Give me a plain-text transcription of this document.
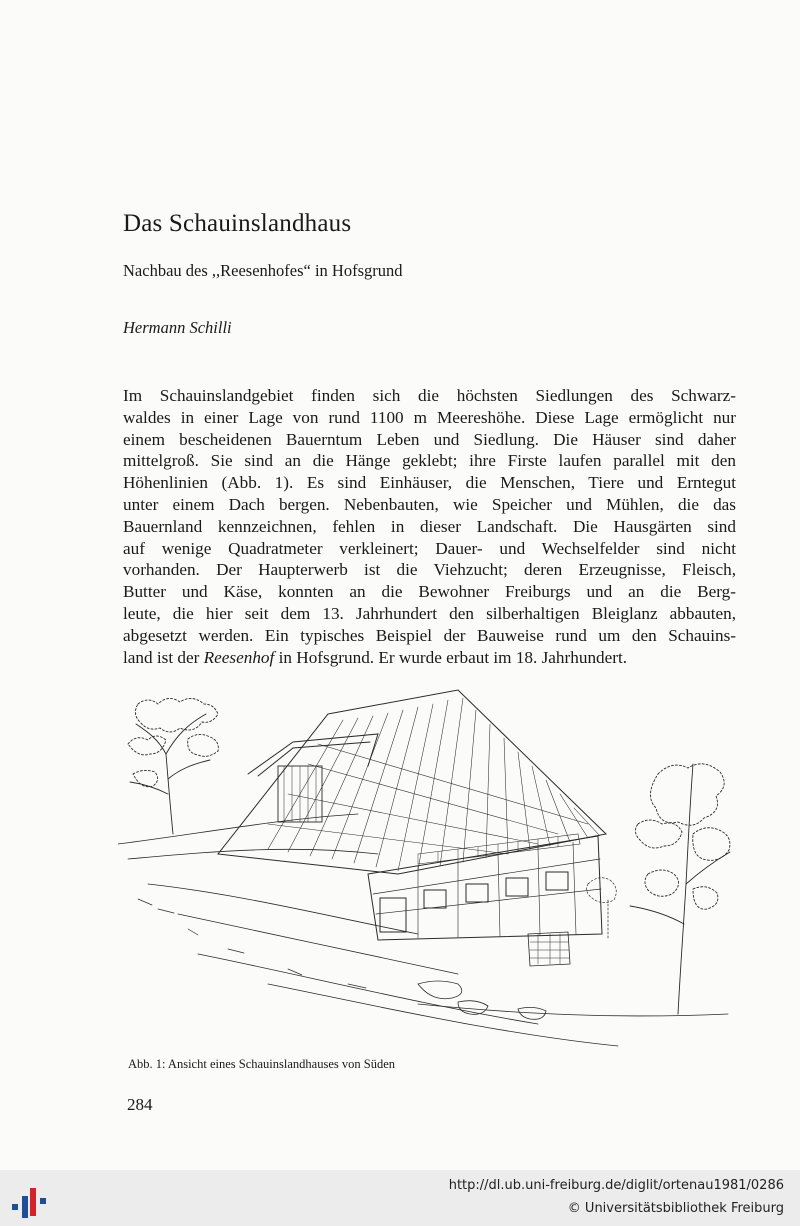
Das Schauinslandhaus
Nachbau des ,,Reesenhofes“ in Hofsgrund
Hermann Schilli
Im Schauinslandgebiet finden sich die höchsten Siedlungen des Schwarz-
waldes in einer Lage von rund 1100 m Meereshöhe. Diese Lage ermöglicht nur
einem bescheidenen Bauerntum Leben und Siedlung. Die Häuser sind daher
mittelgroß. Sie sind an die Hänge geklebt; ihre Firste laufen parallel mit den
Höhenlinien (Abb. 1). Es sind Einhäuser, die Menschen, Tiere und Erntegut
unter einem Dach bergen. Nebenbauten, wie Speicher und Mühlen, die das
Bauernland kennzeichnen, fehlen in dieser Landschaft. Die Hausgärten sind
auf wenige Quadratmeter verkleinert; Dauer- und Wechselfelder sind nicht
vorhanden. Der Haupterwerb ist die Viehzucht; deren Erzeugnisse, Fleisch,
Butter und Käse, konnten an die Bewohner Freiburgs und an die Berg-
leute, die hier seit dem 13. Jahrhundert den silberhaltigen Bleiglanz abbauten,
abgesetzt werden. Ein typisches Beispiel der Bauweise rund um den Schauins-
land ist der Reesenhof in Hofsgrund. Er wurde erbaut im 18. Jahrhundert.
Abb. 1: Ansicht eines Schauinslandhauses von Süden
284
http://dl.ub.uni-freiburg.de/diglit/ortenau1981/0286
© Universitätsbibliothek Freiburg
